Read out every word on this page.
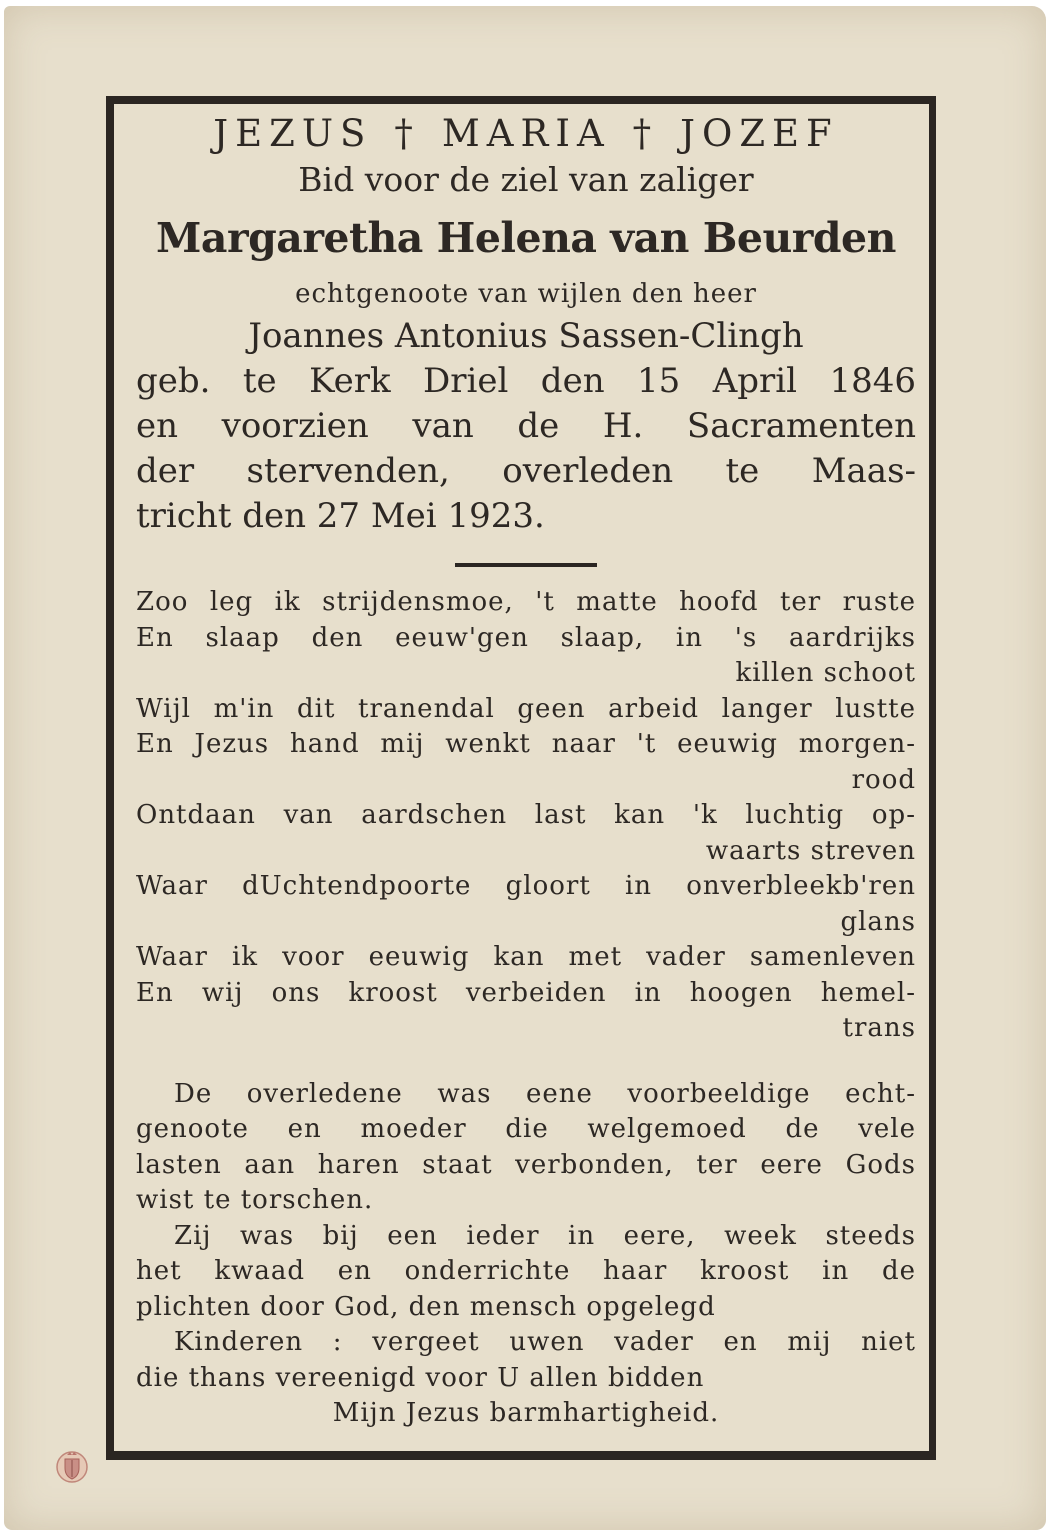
JEZUS † MARIA † JOZEF
Bid voor de ziel van zaliger
Margaretha Helena van Beurden
echtgenoote van wijlen den heer
Joannes Antonius Sassen-Clingh
geb. te Kerk Driel den 15 April 1846
en voorzien van de H. Sacramenten
der stervenden, overleden te Maas-
tricht den 27 Mei 1923.
Zoo leg ik strijdensmoe, 't matte hoofd ter ruste
En slaap den eeuw'gen slaap, in 's aardrijks
killen schoot
Wijl m'in dit tranendal geen arbeid langer lustte
En Jezus hand mij wenkt naar 't eeuwig morgen-
rood
Ontdaan van aardschen last kan 'k luchtig op-
waarts streven
Waar dUchtendpoorte gloort in onverbleekb'ren
glans
Waar ik voor eeuwig kan met vader samenleven
En wij ons kroost verbeiden in hoogen hemel-
trans
De overledene was eene voorbeeldige echt-
genoote en moeder die welgemoed de vele
lasten aan haren staat verbonden, ter eere Gods
wist te torschen.
Zij was bij een ieder in eere, week steeds
het kwaad en onderrichte haar kroost in de
plichten door God, den mensch opgelegd
Kinderen : vergeet uwen vader en mij niet
die thans vereenigd voor U allen bidden
Mijn Jezus barmhartigheid.
